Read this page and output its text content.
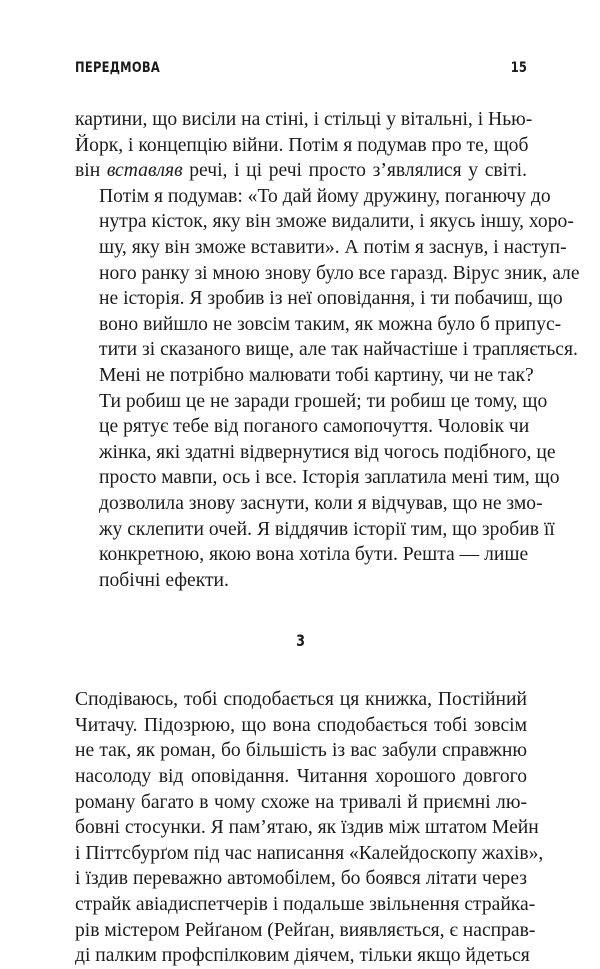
ПЕРЕДМОВА	15

картини, що висіли на стіні, і стільці у вітальні, і Нью-
Йорк, і концепцію війни. Потім я подумав про те, щоб
він вставляв речі, і ці речі просто з’являлися у світі.

Потім я подумав: «То дай йому дружину, поганючу до
нутра кісток, яку він зможе видалити, і якусь іншу, хоро-
шу, яку він зможе вставити». А потім я заснув, і наступ-
ного ранку зі мною знову було все гаразд. Вірус зник, але
не історія. Я зробив із неї оповідання, і ти побачиш, що
воно вийшло не зовсім таким, як можна було б припус-
тити зі сказаного вище, але так найчастіше і трапляється.

Мені не потрібно малювати тобі картину, чи не так?
Ти робиш це не заради грошей; ти робиш це тому, що
це рятує тебе від поганого самопочуття. Чоловік чи
жінка, які здатні відвернутися від чогось подібного, це
просто мавпи, ось і все. Історія заплатила мені тим, що
дозволила знову заснути, коли я відчував, що не змо-
жу склепити очей. Я віддячив історії тим, що зробив її
конкретною, якою вона хотіла бути. Решта — лише
побічні ефекти.

3

Сподіваюсь, тобі сподобається ця книжка, Постійний
Читачу. Підозрюю, що вона сподобається тобі зовсім
не так, як роман, бо більшість із вас забули справжню
насолоду від оповідання. Читання хорошого довгого
роману багато в чому схоже на тривалі й приємні лю-
бовні стосунки. Я пам’ятаю, як їздив між штатом Мейн
і Піттсбурґом під час написання «Калейдоскопу жахів»,
і їздив переважно автомобілем, бо боявся літати через
страйк авіадиспетчерів і подальше звільнення страйка-
рів містером Рейґаном (Рейґан, виявляється, є насправ-
ді палким профспілковим діячем, тільки якщо йдеться
